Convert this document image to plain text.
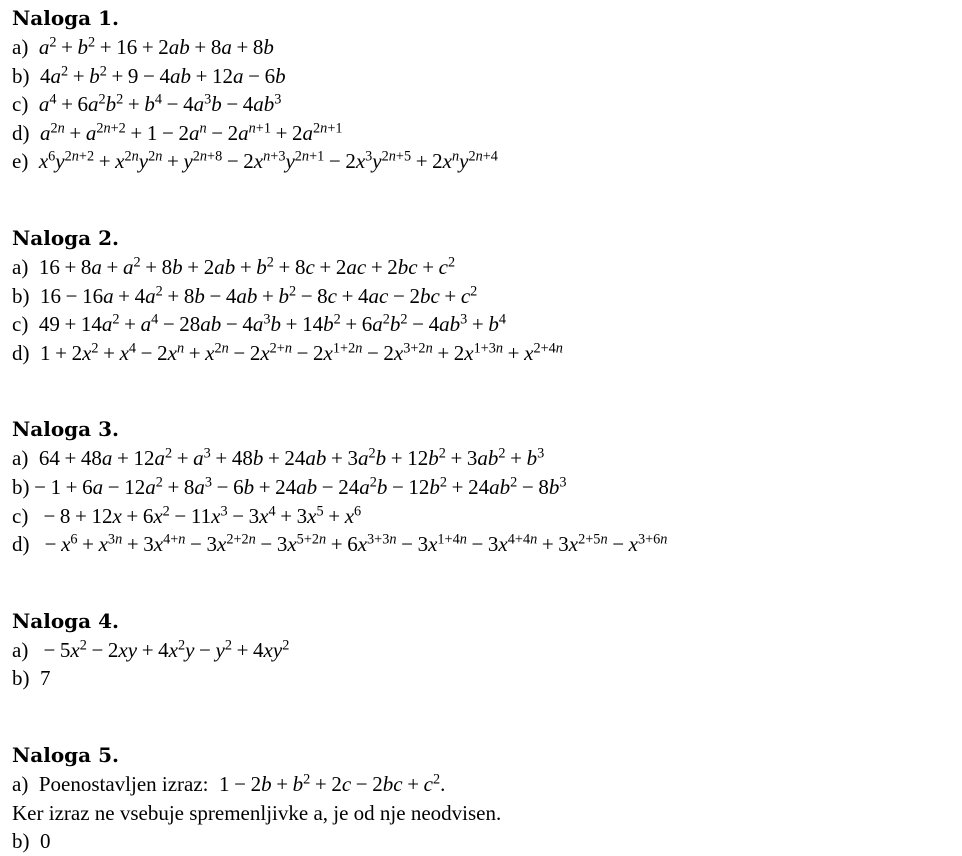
Naloga 1.
a)  $a^2 + b^2 + 16 + 2ab + 8a + 8b$
b)  $4a^2 + b^2 + 9 - 4ab + 12a - 6b$
c)  $a^4 + 6a^2b^2 + b^4 - 4a^3b - 4ab^3$
d)  $a^{2n} + a^{2n+2} + 1 - 2a^n - 2a^{n+1} + 2a^{2n+1}$
e)  $x^6y^{2n+2} + x^{2n}y^{2n} + y^{2n+8} - 2x^{n+3}y^{2n+1} - 2x^3y^{2n+5} + 2x^ny^{2n+4}$
Naloga 2.
a)  $16 + 8a + a^2 + 8b + 2ab + b^2 + 8c + 2ac + 2bc + c^2$
b)  $16 - 16a + 4a^2 + 8b - 4ab + b^2 - 8c + 4ac - 2bc + c^2$
c)  $49 + 14a^2 + a^4 - 28ab - 4a^3b + 14b^2 + 6a^2b^2 - 4ab^3 + b^4$
d)  $1 + 2x^2 + x^4 - 2x^n + x^{2n} - 2x^{2+n} - 2x^{1+2n} - 2x^{3+2n} + 2x^{1+3n} + x^{2+4n}$
Naloga 3.
a)  $64 + 48a + 12a^2 + a^3 + 48b + 24ab + 3a^2b + 12b^2 + 3ab^2 + b^3$
$b) - 1 + 6a - 12a^2 + 8a^3 - 6b + 24ab - 24a^2b - 12b^2 + 24ab^2 - 8b^3$
c)  − $8 + 12x + 6x^2 - 11x^3 - 3x^4 + 3x^5 + x^6$
d)  − $x^6 + x^{3n} + 3x^{4+n} - 3x^{2+2n} - 3x^{5+2n} + 6x^{3+3n} - 3x^{1+4n} - 3x^{4+4n} + 3x^{2+5n} - x^{3+6n}$
Naloga 4.
a)  − $5x^2 - 2xy + 4x^2y - y^2 + 4xy^2$
b)  7
Naloga 5.
a)  Poenostavljen izraz:  $1 - 2b + b^2 + 2c - 2bc + c^2$.
Ker izraz ne vsebuje spremenljivke a, je od nje neodvisen.
b)  0
